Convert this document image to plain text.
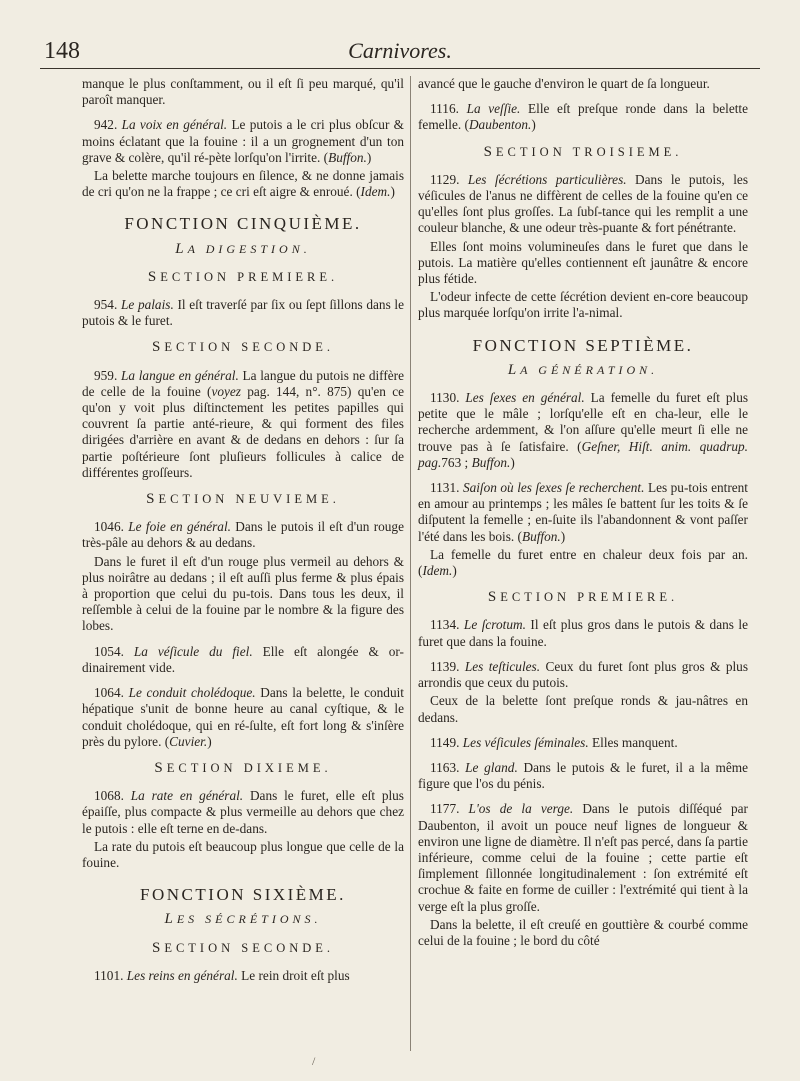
148	Carnivores.

manque le plus conſtamment, ou il eſt ſi peu marqué, qu'il paroît manquer.

942. La voix en général. Le putois a le cri plus obſcur & moins éclatant que la fouine : il a un grognement d'un ton grave & colère, qu'il ré-pète lorſqu'on l'irrite. (Buffon.)

La belette marche toujours en ſilence, & ne donne jamais de cri qu'on ne la frappe ; ce cri eſt aigre & enroué. (Idem.)

FONCTION CINQUIÈME.
LA DIGESTION.
SECTION PREMIERE.

954. Le palais. Il eſt traverſé par ſix ou ſept ſillons dans le putois & le furet.

SECTION SECONDE.

959. La langue en général. La langue du putois ne diffère de celle de la fouine (voyez pag. 144, n°. 875) qu'en ce qu'on y voit plus diſtinctement les petites papilles qui couvrent ſa partie anté-rieure, & qui forment des files dirigées d'arrière en avant & de dedans en dehors : ſur ſa partie poſtérieure ſont pluſieurs follicules à calice de différentes groſſeurs.

SECTION NEUVIEME.

1046. Le foie en général. Dans le putois il eſt d'un rouge très-pâle au dehors & au dedans.

Dans le furet il eſt d'un rouge plus vermeil au dehors & plus noirâtre au dedans ; il eſt auſſi plus ferme & plus épais à proportion que celui du pu-tois. Dans tous les deux, il reſſemble à celui de la fouine par le nombre & la figure des lobes.

1054. La véſicule du fiel. Elle eſt alongée & or-dinairement vide.

1064. Le conduit cholédoque. Dans la belette, le conduit hépatique s'unit de bonne heure au canal cyſtique, & le conduit cholédoque, qui en ré-ſulte, eſt fort long & s'inſère près du pylore. (Cuvier.)

SECTION DIXIEME.

1068. La rate en général. Dans le furet, elle eſt plus épaiſſe, plus compacte & plus vermeille au dehors que chez le putois : elle eſt terne en de-dans.

La rate du putois eſt beaucoup plus longue que celle de la fouine.

FONCTION SIXIÈME.
LES SÉCRÉTIONS.
SECTION SECONDE.

1101. Les reins en général. Le rein droit eſt plus

avancé que le gauche d'environ le quart de ſa longueur.

1116. La veſſie. Elle eſt preſque ronde dans la belette femelle. (Daubenton.)

SECTION TROISIEME.

1129. Les ſécrétions particulières. Dans le putois, les véſicules de l'anus ne diffèrent de celles de la fouine qu'en ce qu'elles ſont plus groſſes. La ſubſ-tance qui les remplit a une couleur blanche, & une odeur très-puante & fort pénétrante.

Elles ſont moins volumineuſes dans le furet que dans le putois. La matière qu'elles contiennent eſt jaunâtre & encore plus fétide.

L'odeur infecte de cette ſécrétion devient en-core beaucoup plus marquée lorſqu'on irrite l'a-nimal.

FONCTION SEPTIÈME.
LA GÉNÉRATION.

1130. Les ſexes en général. La femelle du furet eſt plus petite que le mâle ; lorſqu'elle eſt en cha-leur, elle le recherche ardemment, & l'on aſſure qu'elle meurt ſi elle ne trouve pas à ſe ſatisfaire. (Geſner, Hiſt. anim. quadrup. pag.763 ; Buffon.)

1131. Saiſon où les ſexes ſe recherchent. Les pu-tois entrent en amour au printemps ; les mâles ſe battent ſur les toits & ſe diſputent la femelle ; en-ſuite ils l'abandonnent & vont paſſer l'été dans les bois. (Buffon.)

La femelle du furet entre en chaleur deux fois par an. (Idem.)

SECTION PREMIERE.

1134. Le ſcrotum. Il eſt plus gros dans le putois & dans le furet que dans la fouine.

1139. Les teſticules. Ceux du furet ſont plus gros & plus arrondis que ceux du putois.

Ceux de la belette ſont preſque ronds & jau-nâtres en dedans.

1149. Les véſicules ſéminales. Elles manquent.

1163. Le gland. Dans le putois & le furet, il a la même figure que l'os du pénis.

1177. L'os de la verge. Dans le putois diſſéqué par Daubenton, il avoit un pouce neuf lignes de longueur & environ une ligne de diamètre. Il n'eſt pas percé, dans ſa partie inférieure, comme celui de la fouine ; cette partie eſt ſimplement ſillonnée longitudinalement : ſon extrémité eſt crochue & faite en forme de cuiller : l'extrémité qui tient à la verge eſt la plus groſſe.

Dans la belette, il eſt creuſé en gouttière & courbé comme celui de la fouine ; le bord du côté

/
